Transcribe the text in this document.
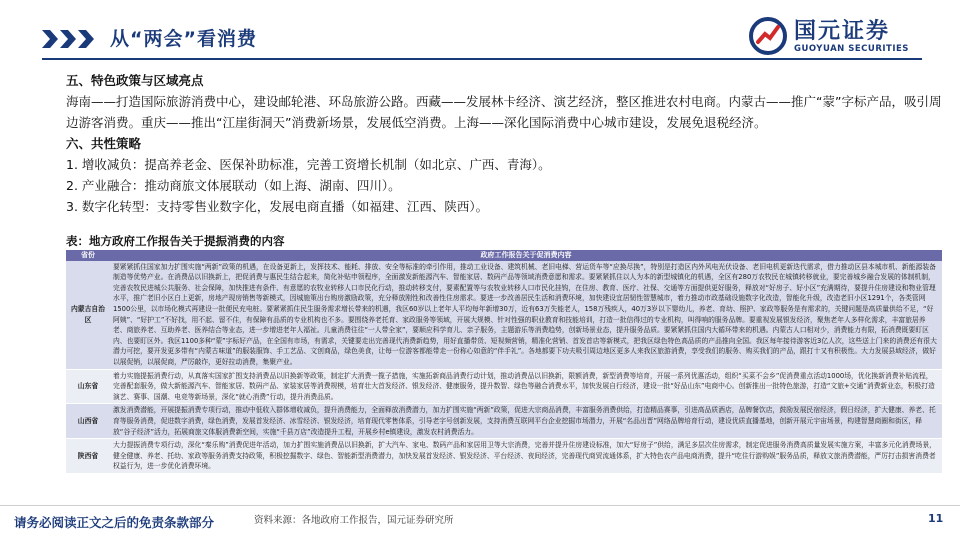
从“两会”看消费	国元证券
GUOYUAN SECURITIES
五、特色政策与区域亮点
海南——打造国际旅游消费中心，建设邮轮港、环岛旅游公路。西藏——发展林卡经济、演艺经济，整区推进农村电商。内蒙古——推广“蒙”字标产品，吸引周边游客消费。重庆——推出“江崖街洞天”消费新场景，发展低空消费。上海——深化国际消费中心城市建设，发展免退税经济。
六、共性策略
1. 增收减负：提高养老金、医保补助标准，完善工资增长机制（如北京、广西、青海）。
2. 产业融合：推动商旅文体展联动（如上海、湖南、四川）。
3. 数字化转型：支持零售业数字化，发展电商直播（如福建、江西、陕西）。
表：地方政府工作报告关于提振消费的内容
省份	政府工作报告关于促消费内容
内蒙古自治区	要紧紧抓住国家加力扩围实施“两新”政策的机遇，在设备更新上，发挥技术、能耗、排放、安全等标准的牵引作用，推动工业设备、建筑机械、老旧电梯、营运货车等“应换尽换”，特别是打造区内外风电光伏设备、老旧电机更新迭代需求，借力推动区县本城市机、新能源装备制造等优势产业。在消费品以旧换新上，把促消费与惠民生结合起来，简化补贴申领程序，全面激发新能源汽车、智能家居、数码产品等领域消费意愿和需求。要紧紧抓住以人为本的新型城镇化的机遇，全区有280万农牧民在城镇转移就业，要完善城乡融合发展的体制机制，完善农牧民进城公共服务、社会保障，加快推进有条件、有意愿的农牧业转移人口市民化行动，推动转移支付，要素配置等与农牧业转移人口市民化挂钩，在住房、教育、医疗、社保、交通等方面提供更好服务，释放对“好房子、好小区”充满期待，要提升住房建设和物业管理水平，推广老旧小区白上更新，房地产现房销售等新模式，因城施策出台购房激励政策，充分释放刚性和改善性住房需求。要进一步改善居民生活和消费环境，加快建设宜居韧性智慧城市，着力推动市政基础设施数字化改造，智能化升级，改造老旧小区1291个，各类管网1500公里，以市场化模式再建设一批便民充电桩。要紧紧抓住民生服务需求增长带来的机遇，我区60岁以上老年人平均每年新增30万，近有63万失能老人，158万残疾人，40万3岁以下婴幼儿，养老、育幼、照护、家政等服务是有需求的，关键问题是高质量供给不足，“好阿姨”、“好护工”不好找，用不起、留不住，有保障有品质的专业机构也不多。要围绕养老托育、家政服务等领域，开展大规模、针对性强的职业教育和技能培训，打造一批信得过的专业机构，叫得响的服务品牌。要重视发展银发经济，聚焦老年人多样化需求，丰富旅居养老、商旅养老、互助养老、医养结合等业态，进一步增进老年人福祉。儿童消费往往“一人带全家”，要顺应科学育儿、亲子服务，主题游乐等消费趋势，创新场景业态，提升服务品质。要紧紧抓住国内大循环带来的机遇。内蒙古人口相对少，消费能力有限，拓消费既要盯区内、也要盯区外。我区1100多种“蒙”字标好产品，在全国有市场，有需求，关键要走出完善现代消费新趋势，用好直播带货、短视频营销，精准化营销、首发首店等新模式，把我区绿色特色高品质的产品推向全国。我区每年接待游客近3亿人次，这些送上门来的消费还有很大潜力可挖，要开发更多带有“内蒙古味道”的服装服饰、手工艺品、文创商品，绿色美食，让每一位游客都能带走一份称心如意的“伴手礼”。各地都要下功夫吸引周边地区更多人来我区旅游消费，享受我们的服务、购买我们的产品，跟打十又有积极性。大力发展县域经济，做好以展促销，以展促商，严厉敲诈，更好拉动消费，集聚产业。
山东省	着力实施提振消费行动，从真落实国家扩围支持消费品以旧换新等政策，制定扩大消费一揽子措施，实施拓新商品消费行动计划，推动消费品以旧换新，限额消费，新型消费等培育，开展一系列优惠活动，组织“买菜不会乡”促消费重点活动1000场，优化换新消费补贴流程，完善配套服务，做大新能源汽车、智能家居、数码产品、家装家居等消费规模，培育壮大首发经济、银发经济、健康服务，提升数智、绿色等融合消费水平，加快发展自行经济，建设一批“好品山东”电商中心。创新推出一批特色旅游，打造“文旅+交通”消费新业态，积极打造演艺、赛事、国潮、电竞等新场景，深化“就心消费”行动，提升消费品质。
山西省	激发消费潜能，开展提振消费专项行动，推动中低收入群体增收减负，提升消费能力，全面释放消费潜力，加力扩围实施“两新”政策，促进大宗商品消费，丰富服务消费供给，打造精品赛事，引进高品质酒店，品牌餐饮店，鼓励发展民宿经济，假日经济，扩大健康、养老、托育等服务消费，促进数字消费，绿色消费，发展首发经济、冰雪经济、银发经济，培育现代零售体系，引导老字号创新发展，支持消费互联网平台企业挖掘市场潜力，开展“名品出晋”网络品牌培育行动，建设优质直播基地，创新开展元宇宙场景，构建智慧商圈和街区，释放“谷子经济”活力，拓展商旅文体服消费新空间，实施“千县万店”改造提升工程，开展乡村e镇建设，激发农村消费活力。
陕西省	大力提振消费专项行动，深化“秦乐购”消费促进年活动，加力扩围实施消费品以旧换新，扩大汽车、家电、数码产品和家居用卫等大宗消费，完善并提升住房建设标准，加大“好房子”供给，满足多层次住房需求，制定促进服务消费高质量发展实施方案，丰富多元化消费场景，健全健康、养老、托幼、家政等服务消费支持政策，积极挖掘数字、绿色、智能新型消费潜力，加快发展首发经济、银发经济、平台经济、夜间经济，完善现代商贸流通体系，扩大特色农产品电商消费，提升“吃住行游购娱”服务品质，释放文旅消费潜能，严厉打击损害消费者权益行为，进一步优化消费环境。
请务必阅读正文之后的免责条款部分	资料来源：各地政府工作报告，国元证券研究所	11
